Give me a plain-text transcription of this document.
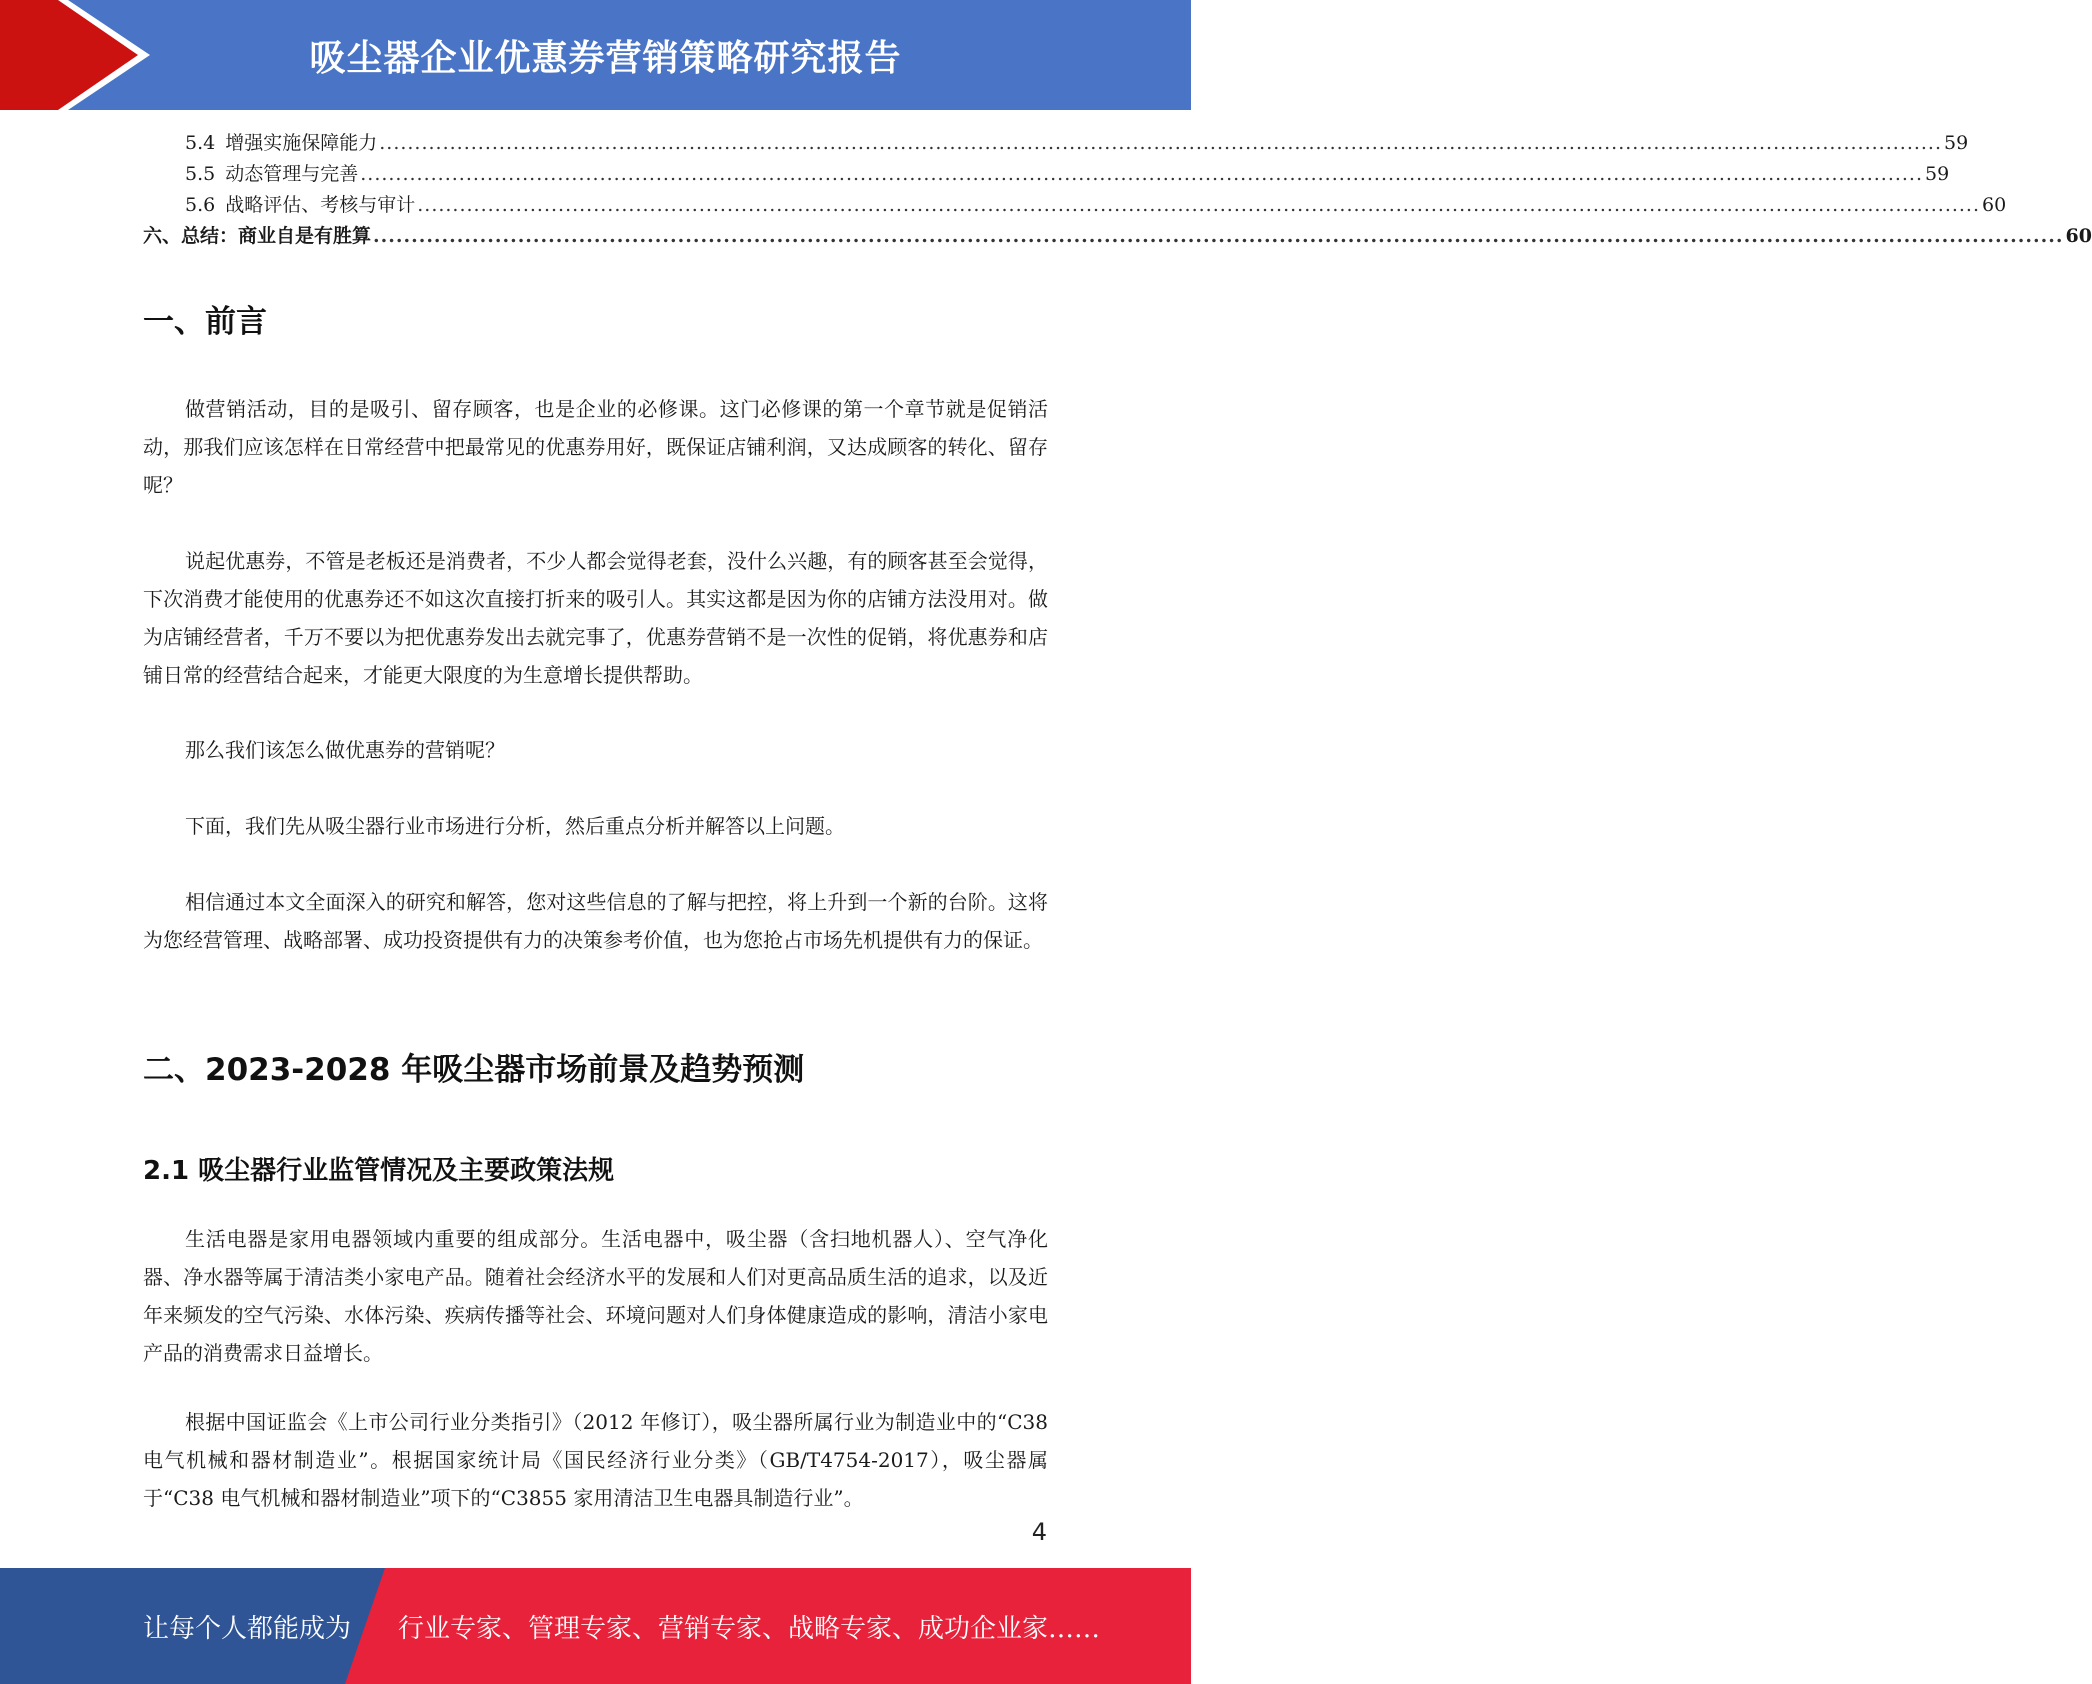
吸尘器企业优惠券营销策略研究报告
5.4 增强实施保障能力 .............................................................................................................................................................................................................................. 59
5.5 动态管理与完善 .............................................................................................................................................................................................................................. 59
5.6 战略评估、考核与审计 .............................................................................................................................................................................................................................. 60
六、总结：商业自是有胜算 .............................................................................................................................................................................................................................. 60
一、前言
做营销活动，目的是吸引、留存顾客，也是企业的必修课。这门必修课的第一个章节就是促销活动，那我们应该怎样在日常经营中把最常见的优惠券用好，既保证店铺利润，又达成顾客的转化、留存呢？
说起优惠券，不管是老板还是消费者，不少人都会觉得老套，没什么兴趣，有的顾客甚至会觉得，下次消费才能使用的优惠券还不如这次直接打折来的吸引人。其实这都是因为你的店铺方法没用对。做为店铺经营者，千万不要以为把优惠券发出去就完事了，优惠券营销不是一次性的促销，将优惠券和店铺日常的经营结合起来，才能更大限度的为生意增长提供帮助。
那么我们该怎么做优惠券的营销呢？
下面，我们先从吸尘器行业市场进行分析，然后重点分析并解答以上问题。
相信通过本文全面深入的研究和解答，您对这些信息的了解与把控，将上升到一个新的台阶。这将为您经营管理、战略部署、成功投资提供有力的决策参考价值，也为您抢占市场先机提供有力的保证。
二、2023-2028 年吸尘器市场前景及趋势预测
2.1 吸尘器行业监管情况及主要政策法规
生活电器是家用电器领域内重要的组成部分。生活电器中，吸尘器（含扫地机器人）、空气净化器、净水器等属于清洁类小家电产品。随着社会经济水平的发展和人们对更高品质生活的追求，以及近年来频发的空气污染、水体污染、疾病传播等社会、环境问题对人们身体健康造成的影响，清洁小家电产品的消费需求日益增长。
根据中国证监会《上市公司行业分类指引》（2012 年修订），吸尘器所属行业为制造业中的“C38 电气机械和器材制造业”。根据国家统计局《国民经济行业分类》（GB/T4754-2017），吸尘器属于“C38 电气机械和器材制造业”项下的“C3855 家用清洁卫生电器具制造行业”。
4
让每个人都能成为 行业专家、管理专家、营销专家、战略专家、成功企业家……
